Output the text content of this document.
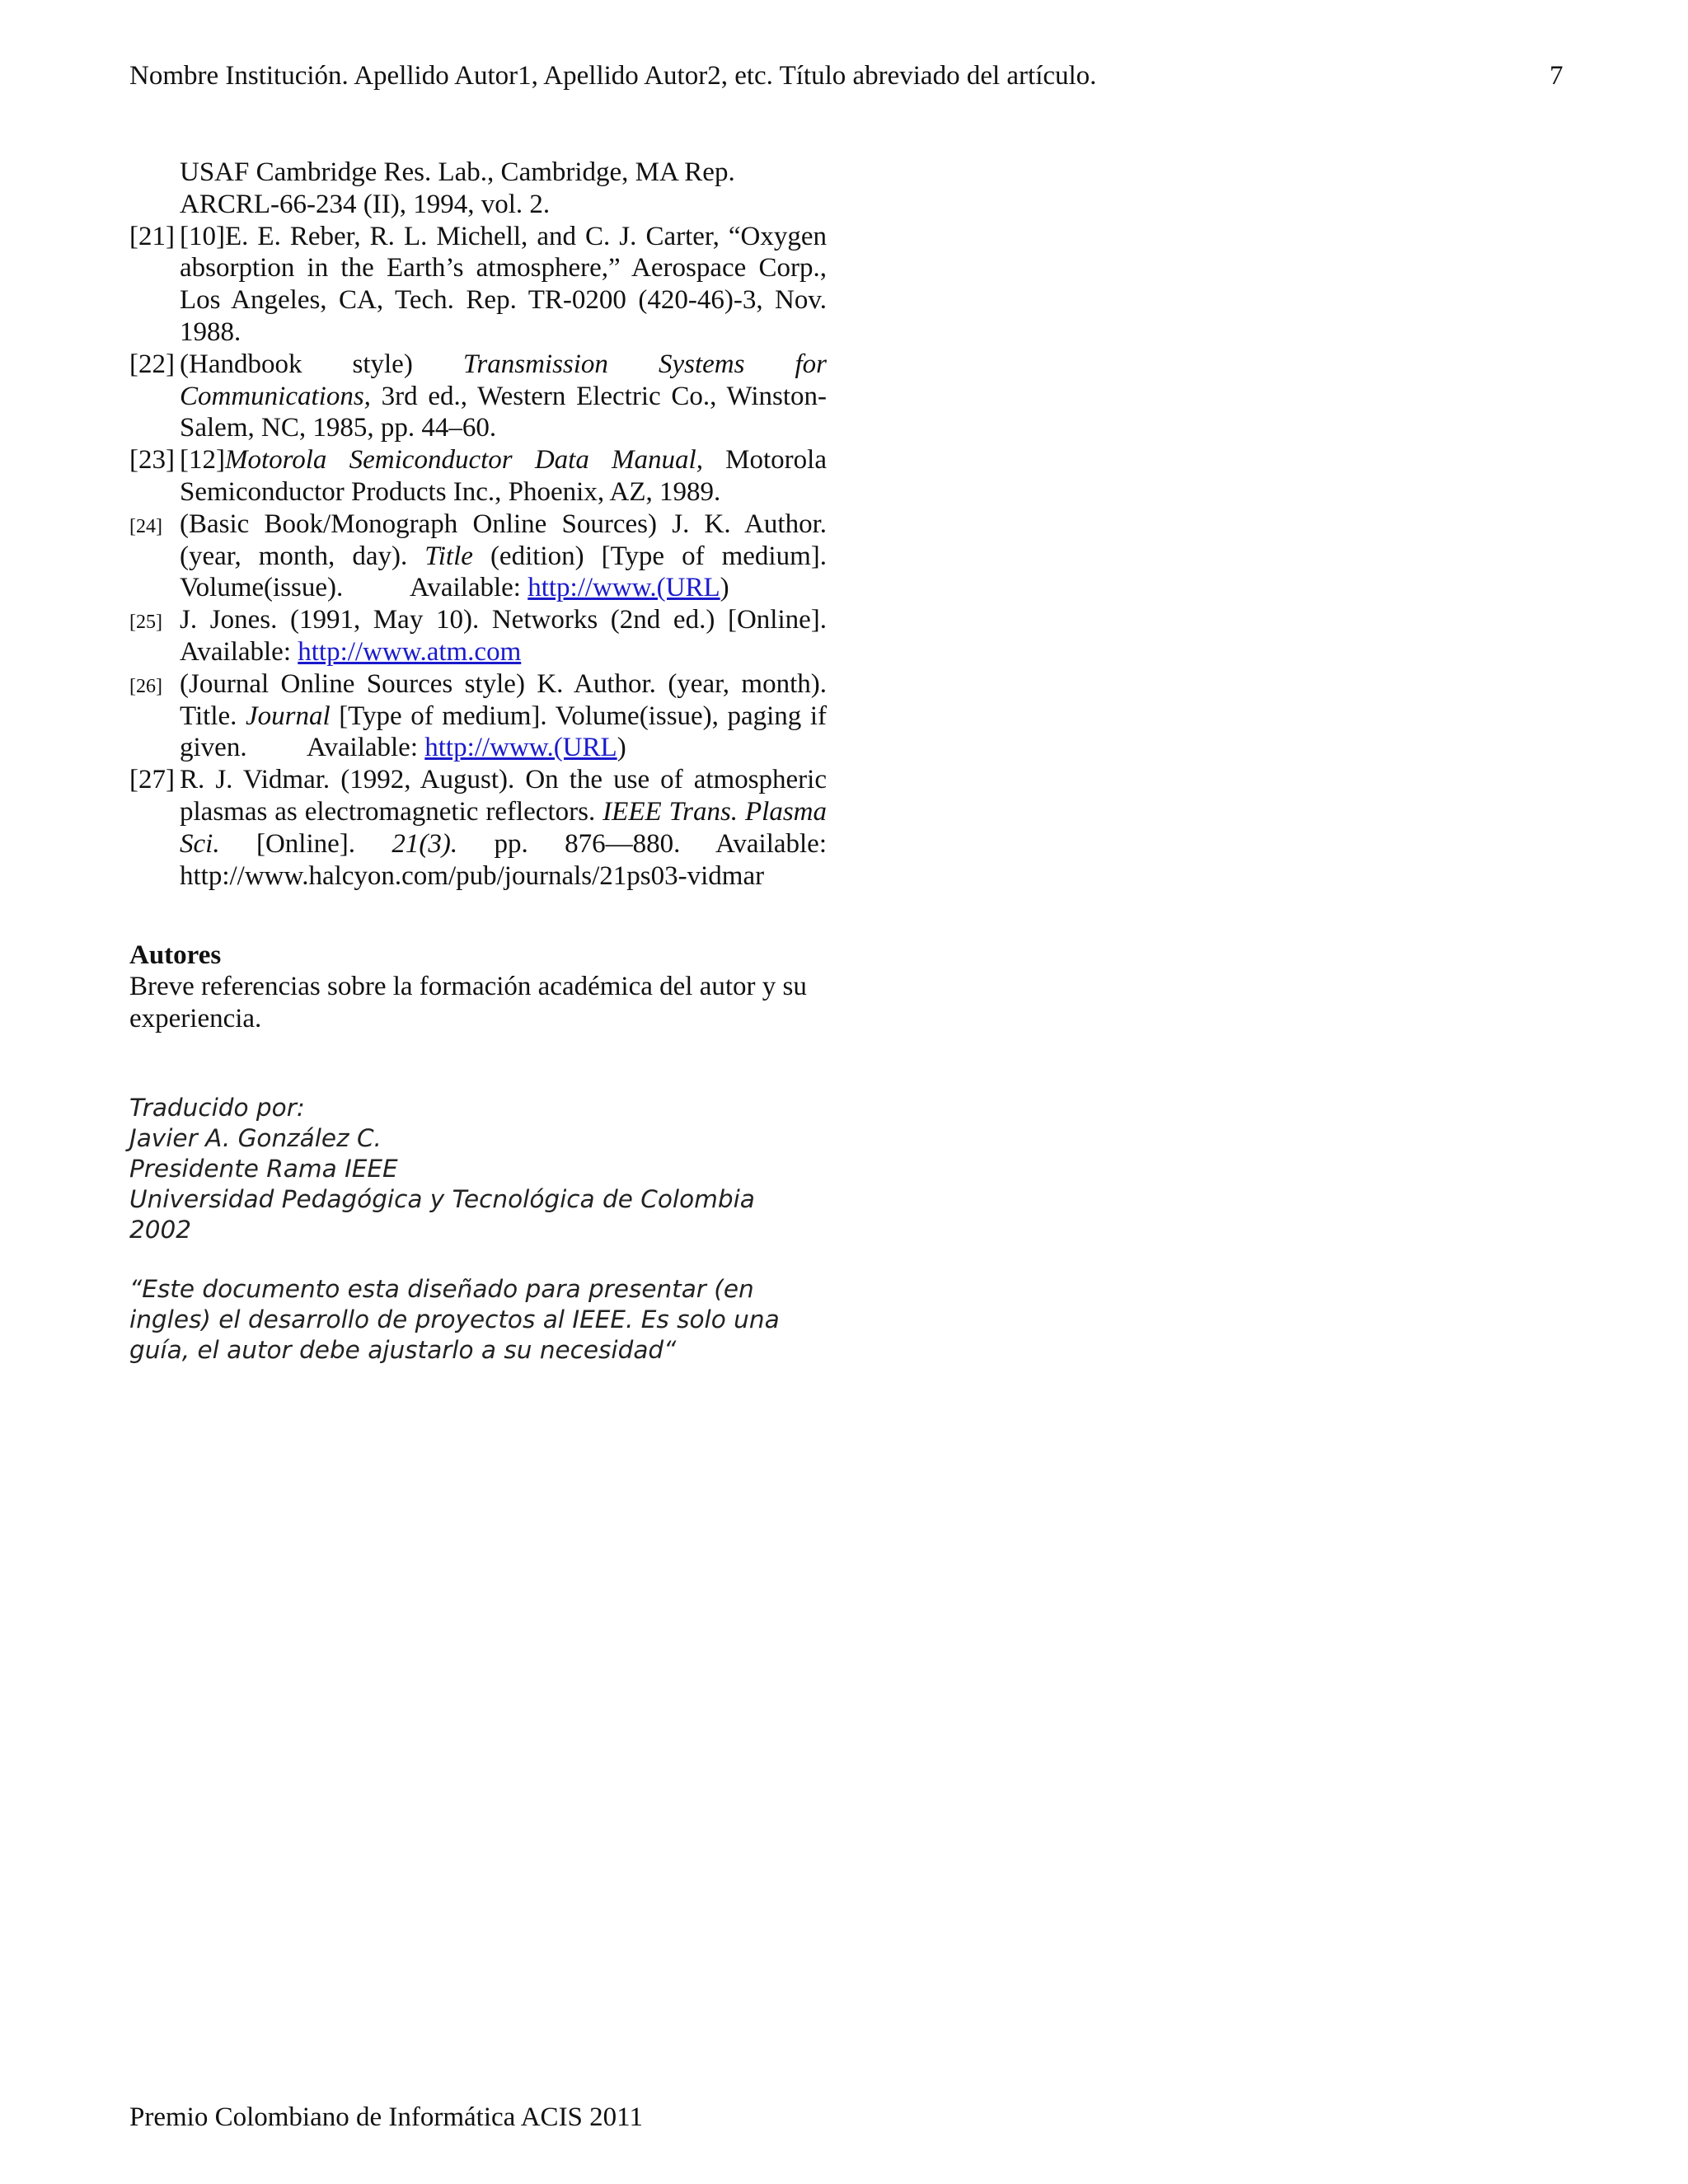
Nombre Institución. Apellido Autor1, Apellido Autor2, etc. Título abreviado del artículo.	7
USAF Cambridge Res. Lab., Cambridge, MA Rep.
ARCRL-66-234 (II), 1994, vol. 2.
[21] [10]E. E. Reber, R. L. Michell, and C. J. Carter, “Oxygen absorption in the Earth’s atmosphere,” Aerospace Corp., Los Angeles, CA, Tech. Rep. TR-0200 (420-46)-3, Nov. 1988.
[22] (Handbook style) Transmission Systems for Communications, 3rd ed., Western Electric Co., Winston-Salem, NC, 1985, pp. 44–60.
[23] [12]Motorola Semiconductor Data Manual, Motorola Semiconductor Products Inc., Phoenix, AZ, 1989.
[24] (Basic Book/Monograph Online Sources) J. K. Author. (year, month, day). Title (edition) [Type of medium]. Volume(issue).          Available: http://www.(URL)
[25] J. Jones. (1991, May 10). Networks (2nd ed.) [Online]. Available: http://www.atm.com
[26] (Journal Online Sources style) K. Author. (year, month). Title. Journal [Type of medium]. Volume(issue), paging if given.         Available: http://www.(URL)
[27] R. J. Vidmar. (1992, August). On the use of atmospheric plasmas as electromagnetic reflectors. IEEE Trans. Plasma Sci. [Online]. 21(3). pp. 876—880. Available: http://www.halcyon.com/pub/journals/21ps03-vidmar
Autores
Breve referencias sobre la formación académica del autor y su experiencia.
Traducido por:
Javier A. González C.
Presidente Rama IEEE
Universidad Pedagógica y Tecnológica de Colombia
2002
“Este documento esta diseñado para presentar (en ingles) el desarrollo de proyectos al IEEE. Es solo una guía, el autor debe ajustarlo a su necesidad“
Premio Colombiano de Informática ACIS 2011
